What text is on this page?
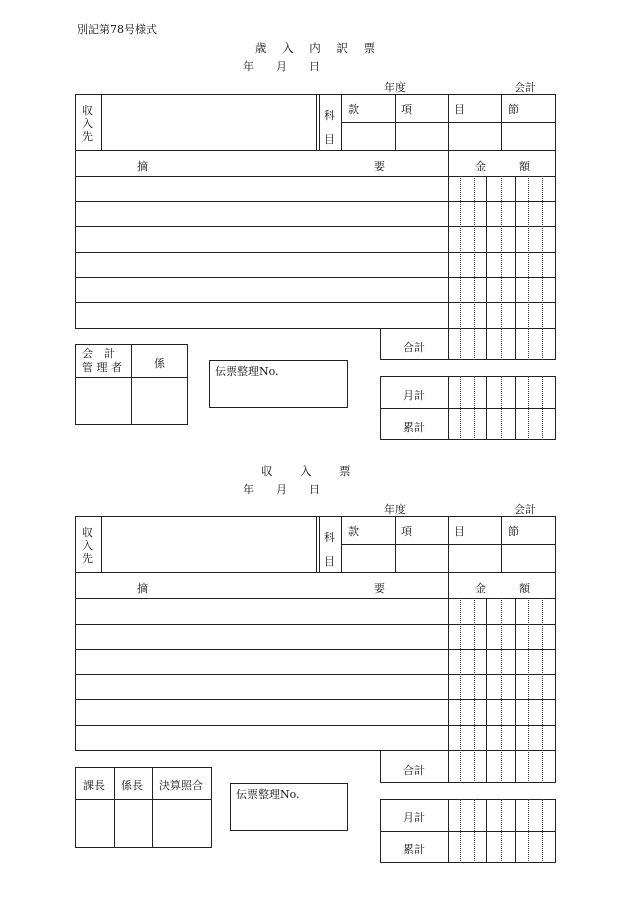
別記第78号様式
歳 入 内 訳 票
年　　月　　日
年度	会計
収
入
先
科
目
款	項	目	節
摘	要	金	額
合計
会　計
管 理 者	係
伝票整理No.
月計
累計
収　入　票
年　　月　　日
年度	会計
収
入
先
科
目
款	項	目	節
摘	要	金	額
合計
課長 係長 決算照合
伝票整理No.
月計
累計
